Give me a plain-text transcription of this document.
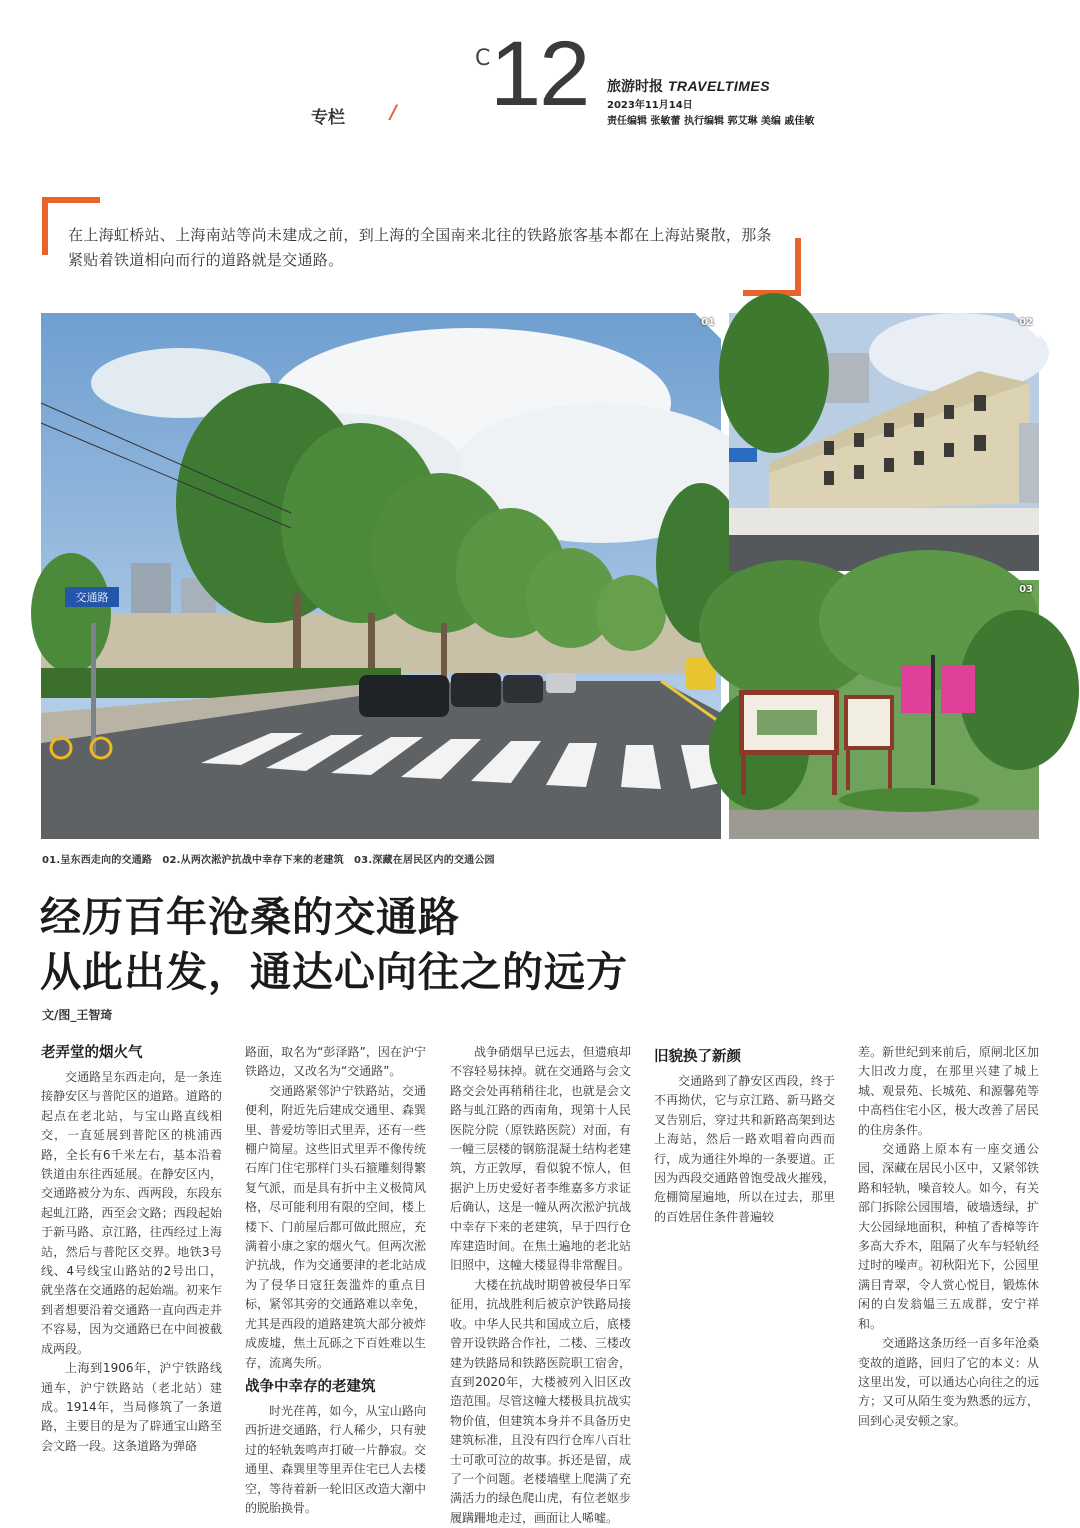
专栏 /
C 12 旅游时报 TRAVELTIMES
2023年11月14日
责任编辑 张敏蕾 执行编辑 郭艾琳 美编 戚佳敏
在上海虹桥站、上海南站等尚未建成之前，到上海的全国南来北往的铁路旅客基本都在上海站聚散，那条紧贴着铁道相向而行的道路就是交通路。
交通路
01	02
03
01.呈东西走向的交通路　02.从两次淞沪抗战中幸存下来的老建筑　03.深藏在居民区内的交通公园
经历百年沧桑的交通路
从此出发，通达心向往之的远方
文/图_王智琦
老弄堂的烟火气

交通路呈东西走向，是一条连接静安区与普陀区的道路。道路的起点在老北站，与宝山路直线相交，一直延展到普陀区的桃浦西路，全长有6千米左右，基本沿着铁道由东往西延展。在静安区内，交通路被分为东、西两段，东段东起虬江路，西至会文路；西段起始于新马路、京江路，往西经过上海站，然后与普陀区交界。地铁3号线、4号线宝山路站的2号出口，就坐落在交通路的起始端。初来乍到者想要沿着交通路一直向西走并不容易，因为交通路已在中间被截成两段。

上海到1906年，沪宁铁路线通车，沪宁铁路站（老北站）建成。1914年，当局修筑了一条道路，主要目的是为了辟通宝山路至会文路一段。这条道路为弹硌

路面，取名为“彭泽路”，因在沪宁铁路边，又改名为“交通路”。

交通路紧邻沪宁铁路站，交通便利，附近先后建成交通里、森巽里、普爱坊等旧式里弄，还有一些棚户简屋。这些旧式里弄不像传统石库门住宅那样门头石箍雕刻得繁复气派，而是具有折中主义极简风格，尽可能利用有限的空间，楼上楼下、门前屋后都可做此照应，充满着小康之家的烟火气。但两次淞沪抗战，作为交通要津的老北站成为了侵华日寇狂轰滥炸的重点目标，紧邻其旁的交通路难以幸免，尤其是西段的道路建筑大部分被炸成废墟，焦土瓦砾之下百姓难以生存，流离失所。

战争中幸存的老建筑

时光荏苒，如今，从宝山路向西折进交通路，行人稀少，只有驶过的轻轨轰鸣声打破一片静寂。交通里、森巽里等里弄住宅已人去楼空，等待着新一轮旧区改造大潮中的脱胎换骨。

战争硝烟早已远去，但遗痕却不容轻易抹掉。就在交通路与会文路交会处再稍稍往北，也就是会文路与虬江路的西南角，现第十人民医院分院（原铁路医院）对面，有一幢三层楼的钢筋混凝土结构老建筑，方正敦厚，看似貌不惊人，但据沪上历史爱好者李维嘉多方求证后确认，这是一幢从两次淞沪抗战中幸存下来的老建筑，早于四行仓库建造时间。在焦土遍地的老北站旧照中，这幢大楼显得非常醒目。

大楼在抗战时期曾被侵华日军征用，抗战胜利后被京沪铁路局接收。中华人民共和国成立后，底楼曾开设铁路合作社，二楼、三楼改建为铁路局和铁路医院职工宿舍，直到2020年，大楼被列入旧区改造范围。尽管这幢大楼极具抗战实物价值，但建筑本身并不具备历史建筑标准，且没有四行仓库八百壮士可歌可泣的故事。拆还是留，成了一个问题。老楼墙壁上爬满了充满活力的绿色爬山虎，有位老妪步履蹒跚地走过，画面让人唏嘘。

旧貌换了新颜

交通路到了静安区西段，终于不再拗伏，它与京江路、新马路交叉告别后，穿过共和新路高架到达上海站，然后一路欢唱着向西而行，成为通往外埠的一条要道。正因为西段交通路曾饱受战火摧残，危棚简屋遍地，所以在过去，那里的百姓居住条件普遍较

差。新世纪到来前后，原闸北区加大旧改力度，在那里兴建了城上城、观景苑、长城苑、和源馨苑等中高档住宅小区，极大改善了居民的住房条件。

交通路上原本有一座交通公园，深藏在居民小区中，又紧邻铁路和轻轨，噪音较人。如今，有关部门拆除公园围墙，破墙透绿，扩大公园绿地面积，种植了香樟等许多高大乔木，阻隔了火车与轻轨经过时的噪声。初秋阳光下，公园里满目青翠，令人赏心悦目，锻炼休闲的白发翁媪三五成群，安宁祥和。

交通路这条历经一百多年沧桑变故的道路，回归了它的本义：从这里出发，可以通达心向往之的远方；又可从陌生变为熟悉的远方，回到心灵安顿之家。
